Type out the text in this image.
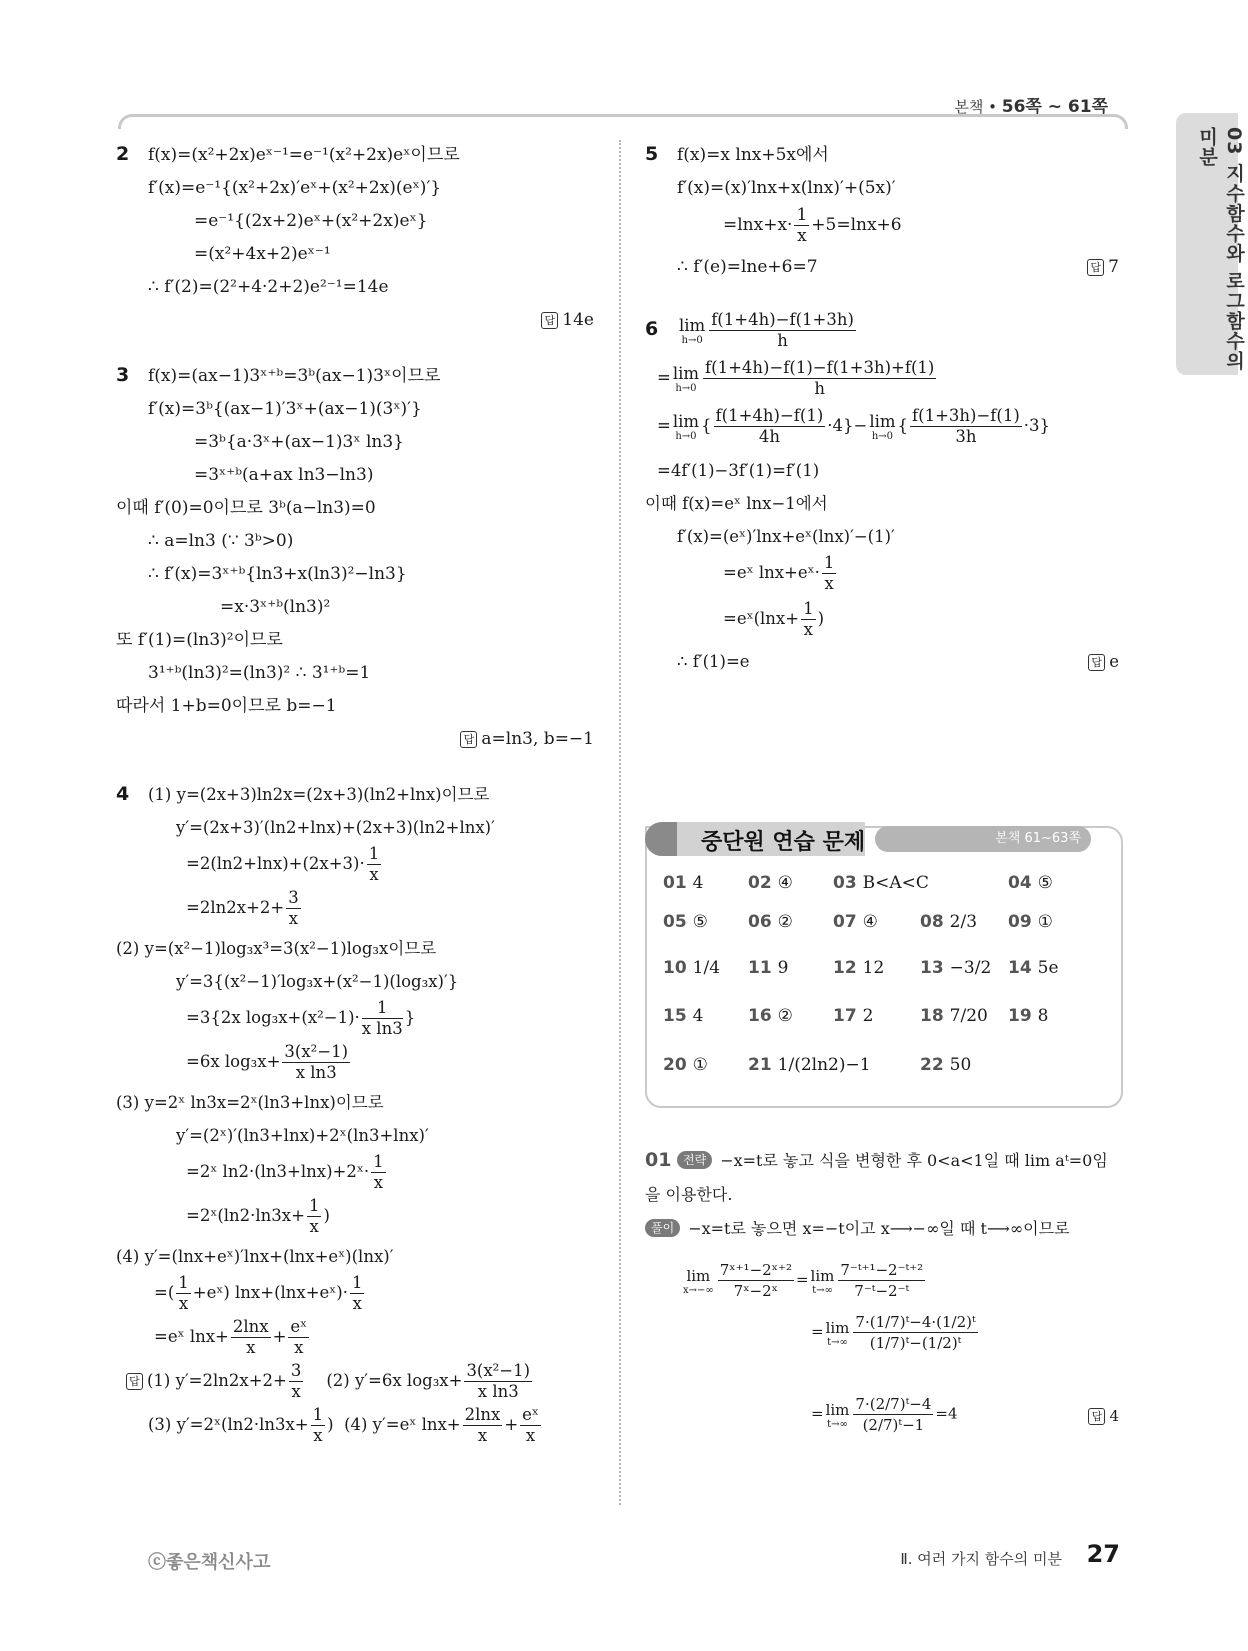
본책 • 56쪽 ~ 61쪽
03 지수함수와 로그함수의 미분
2 f(x)=(x²+2x)eˣ⁻¹=e⁻¹(x²+2x)eˣ이므로
f′(x)=e⁻¹{(x²+2x)′eˣ+(x²+2x)(eˣ)′}
=e⁻¹{(2x+2)eˣ+(x²+2x)eˣ}
=(x²+4x+2)eˣ⁻¹
∴ f′(2)=(2²+4·2+2)e²⁻¹=14e
답 14e
3 f(x)=(ax−1)3ˣ⁺ᵇ=3ᵇ(ax−1)3ˣ이므로
f′(x)=3ᵇ{(ax−1)′3ˣ+(ax−1)(3ˣ)′}
=3ᵇ{a·3ˣ+(ax−1)3ˣ ln3}
=3ˣ⁺ᵇ(a+ax ln3−ln3)
이때 f′(0)=0이므로 3ᵇ(a−ln3)=0
∴ a=ln3 (∵ 3ᵇ>0)
∴ f′(x)=3ˣ⁺ᵇ{ln3+x(ln3)²−ln3}
=x·3ˣ⁺ᵇ(ln3)²
또 f′(1)=(ln3)²이므로
3¹⁺ᵇ(ln3)²=(ln3)² ∴ 3¹⁺ᵇ=1
따라서 1+b=0이므로 b=−1
답 a=ln3, b=−1
4 (1) y=(2x+3)ln2x=(2x+3)(ln2+lnx)이므로
y′=(2x+3)′(ln2+lnx)+(2x+3)(ln2+lnx)′
$=2(\ln 2+\ln x)+(2x+3)\cdot \frac{1}{x}$
$=2\ln 2x+2+ \frac{3}{x}$
(2) y=(x²−1)log₃x³=3(x²−1)log₃x이므로
y′=3{(x²−1)′log₃x+(x²−1)(log₃x)′}
=3{2x $\log_3x+(x^2-1)\cdot \frac{1}{\text{x ln3}}$ }
=6x $\log_3x+ \frac{\text{3(x²−1)}}{\text{x ln3}}$
(3) y=2ˣ ln3x=2ˣ(ln3+lnx)이므로
y′=(2ˣ)′(ln3+lnx)+2ˣ(ln3+lnx)′
=2ˣ ln2·(ln3+lnx)+2ˣ· $\frac{1}{x}$
=2ˣ(ln2·ln3x+ $\frac{1}{x}$ )
(4) y′=(lnx+eˣ)′lnx+(lnx+eˣ)(lnx)′
=( $\frac{1}{x}$ +eˣ) lnx+(lnx+eˣ)· $\frac{1}{x}$
=eˣ $\ln x+ \frac{2\ln x}{x} + \frac{\text{eˣ}}{x}$
답 (1) $y'=2\ln 2x+2+ \frac{3}{x} (2)$ y′=6x $\log_3x+ \frac{\text{3(x²−1)}}{\text{x ln3}}$
(3) y′=2ˣ(ln2·ln3x+ $\frac{1}{x}$ )  (4) y′=eˣ $\ln x+ \frac{2\ln x}{x} + \frac{\text{eˣ}}{x}$
5 f(x)=x lnx+5x에서
f′(x)=(x)′lnx+x(lnx)′+(5x)′
$=\ln x+x\cdot \frac{1}{x} +5=\ln x+6$
∴ f′(e)=lne+6=7	답 7
6 lim
$h\to 0 \frac{f(1+4h)-f(1+3h)}{h}$
= lim
$h\to 0 \frac{f(1+4h)-f(1)-f(1+3h)+f(1)}{h}$
= lim
h→0
{ $\frac{f(1+4h)-f(1)}{4h} \cdot 4\}- \lim$
h→0
{ $\frac{f(1+3h)-f(1)}{3h} \cdot 3$}
=4f′(1)−3f′(1)=f′(1)
이때 f(x)=eˣ lnx−1에서
f′(x)=(eˣ)′lnx+eˣ(lnx)′−(1)′
=eˣ lnx+eˣ· $\frac{1}{x}$
=eˣ(lnx+ $\frac{1}{x}$ )
∴ f′(1)=e	답 e
중단원 연습 문제	본책 61~63쪽
01 4	02 ④ 03 B<A<C	04 ⑤
05 ⑤ 06 ② 07 ④ 08 2/3 09 ①
10 1/4 11 9	12 12 13 −3/2 14 5e
15 4	16 ② 17 2	18 7/20 19 8
20 ① 21 1/(2ln2)−1	22 50
01 전략 −x=t로 놓고 식을 변형한 후 0<a<1일 때 lim aᵗ=0임을 이용한다.
풀이 −x=t로 놓으면 x=−t이고 x⟶−∞일 때 t⟶∞이므로
lim
$x\to-\infty \frac{\text{7ˣ⁺¹−2ˣ⁺²}}{\text{7ˣ−2ˣ}} = \lim$
$t\to\infty \frac{\text{7⁻ᵗ⁺¹−2⁻ᵗ⁺²}}{\text{7⁻ᵗ−2⁻ᵗ}}$
= lim
$t\to\infty \frac{\text{7·(1/7)ᵗ−4·(1/2)ᵗ}}{\text{(1/7)ᵗ−(1/2)ᵗ}}$
= lim
$t\to\infty \frac{\text{7·(2/7)ᵗ−4}}{\text{(2/7)ᵗ−1}} =4$	답 4
ⓒ좋은책신사고	Ⅱ. 여러 가지 함수의 미분 27
